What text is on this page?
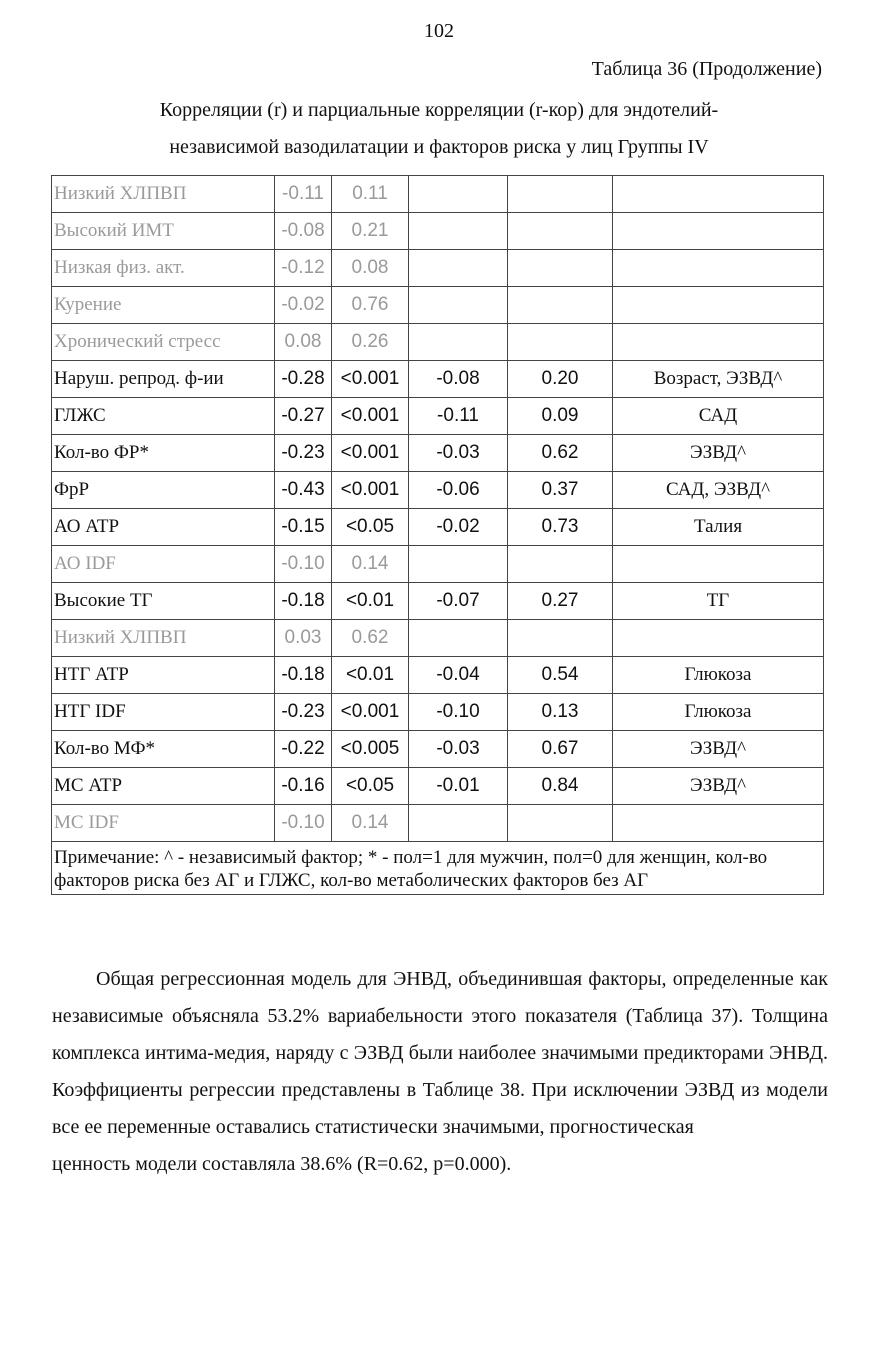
102
Таблица 36 (Продолжение)
Корреляции (r) и парциальные корреляции (r-кор) для эндотелий-
независимой вазодилатации и факторов риска у лиц Группы IV
Низкий ХЛПВП	-0.11	0.11			
Высокий ИМТ	-0.08	0.21			
Низкая физ. акт.	-0.12	0.08			
Курение	-0.02	0.76			
Хронический стресс	0.08	0.26			
Наруш. репрод. ф-ии	-0.28	<0.001	-0.08	0.20	Возраст, ЭЗВД^
ГЛЖС	-0.27	<0.001	-0.11	0.09	САД
Кол-во ФР*	-0.23	<0.001	-0.03	0.62	ЭЗВД^
ФрР	-0.43	<0.001	-0.06	0.37	САД, ЭЗВД^
АО ATP	-0.15	<0.05	-0.02	0.73	Талия
АО IDF	-0.10	0.14			
Высокие ТГ	-0.18	<0.01	-0.07	0.27	ТГ
Низкий ХЛПВП	0.03	0.62			
НТГ ATP	-0.18	<0.01	-0.04	0.54	Глюкоза
НТГ IDF	-0.23	<0.001	-0.10	0.13	Глюкоза
Кол-во МФ*	-0.22	<0.005	-0.03	0.67	ЭЗВД^
МС ATP	-0.16	<0.05	-0.01	0.84	ЭЗВД^
МС IDF	-0.10	0.14			
Примечание: ^ - независимый фактор; * - пол=1 для мужчин, пол=0 для женщин, кол-во факторов риска без АГ и ГЛЖС, кол-во метаболических факторов без АГ					
Общая регрессионная модель для ЭНВД, объединившая факторы, определенные как независимые объясняла 53.2% вариабельности этого показателя (Таблица 37). Толщина комплекса интима-медия, наряду с ЭЗВД были наиболее значимыми предикторами ЭНВД. Коэффициенты регрессии представлены в Таблице 38. При исключении ЭЗВД из модели все ее переменные оставались статистически значимыми, прогностическая
ценность модели составляла 38.6% (R=0.62, p=0.000).
